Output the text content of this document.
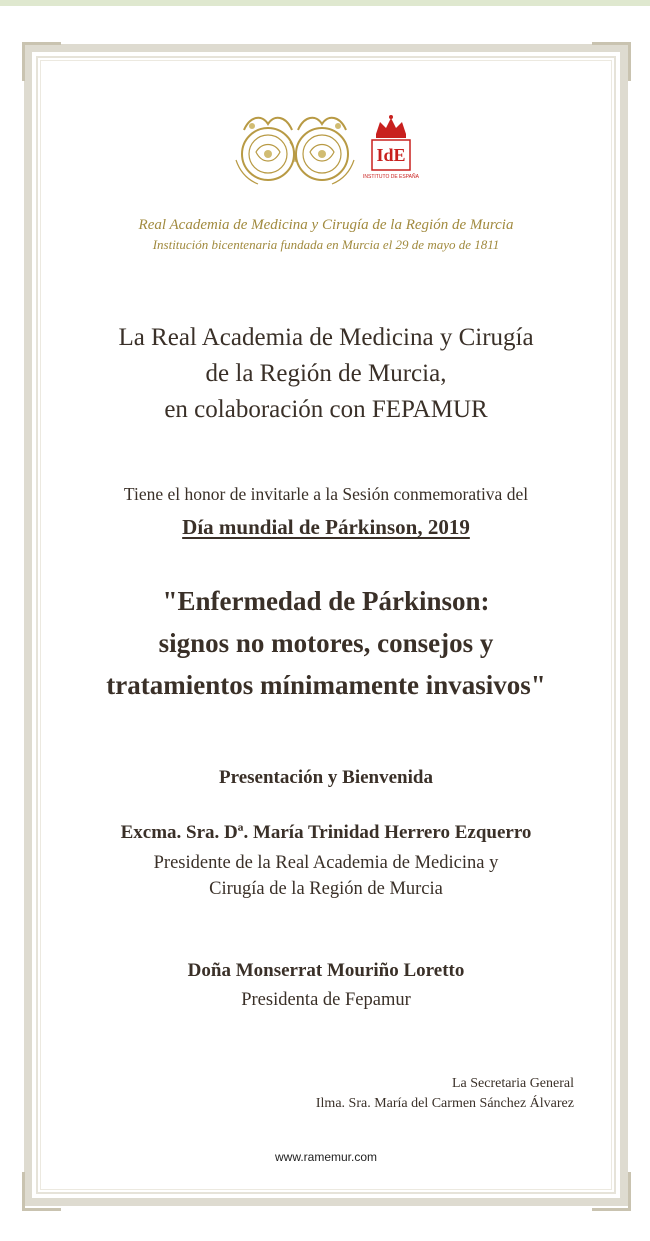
IdE
INSTITUTO DE ESPAÑA
Real Academia de Medicina y Cirugía de la Región de Murcia
Institución bicentenaria fundada en Murcia el 29 de mayo de 1811
La Real Academia de Medicina y Cirugía
de la Región de Murcia,
en colaboración con FEPAMUR
Tiene el honor de invitarle a la Sesión conmemorativa del
Día mundial de Párkinson, 2019
"Enfermedad de Párkinson:
signos no motores, consejos y
tratamientos mínimamente invasivos"
Presentación y Bienvenida
Excma. Sra. Dª. María Trinidad Herrero Ezquerro
Presidente de la Real Academia de Medicina y
Cirugía de la Región de Murcia
Doña Monserrat Mouriño Loretto
Presidenta de Fepamur
La Secretaria General
Ilma. Sra. María del Carmen Sánchez Álvarez
www.ramemur.com
